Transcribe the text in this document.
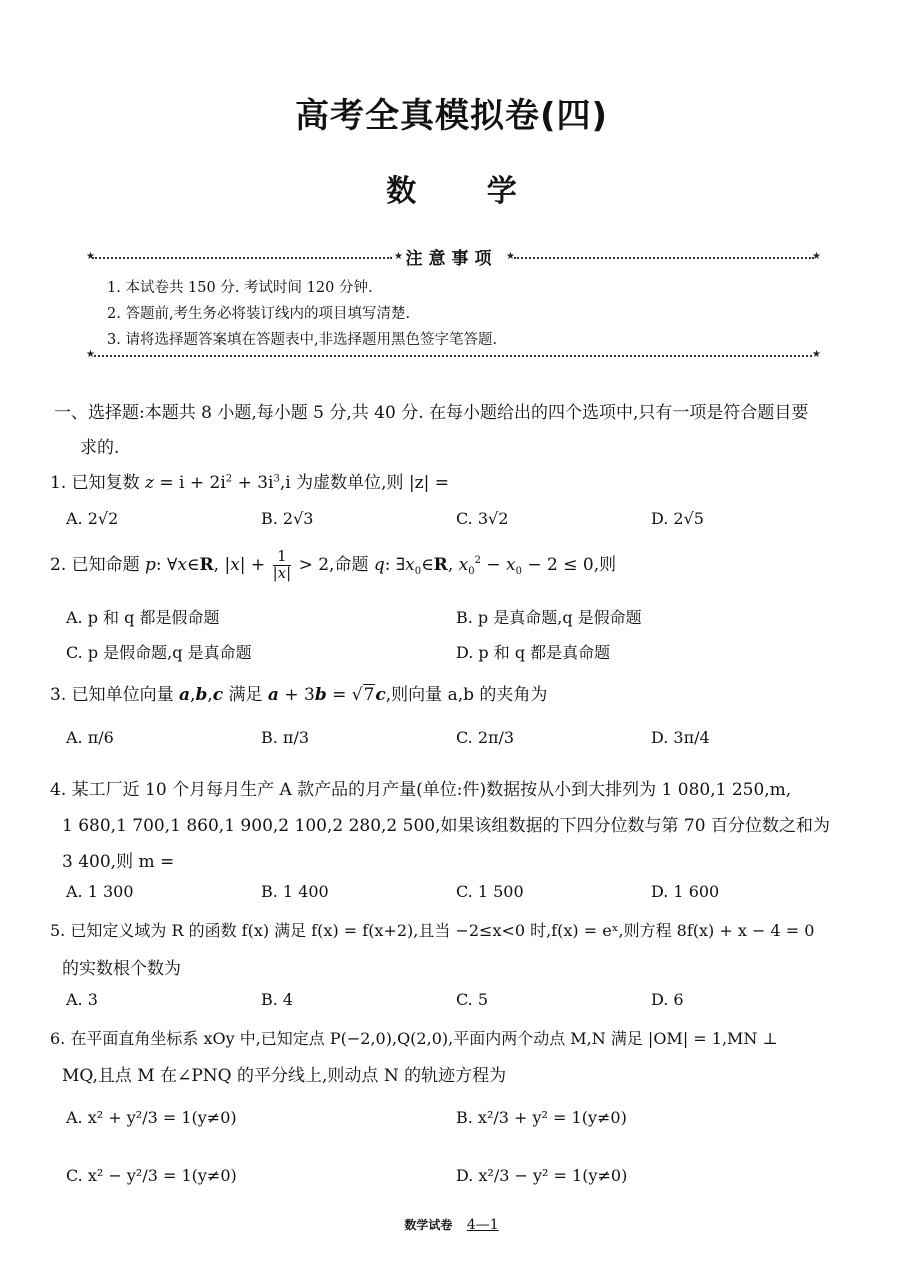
高考全真模拟卷(四)
数 学
★	★ 注意事项 ★	★
1. 本试卷共 150 分. 考试时间 120 分钟.
2. 答题前,考生务必将装订线内的项目填写清楚.
3. 请将选择题答案填在答题表中,非选择题用黑色签字笔答题.
★	★
一、选择题:本题共 8 小题,每小题 5 分,共 40 分. 在每小题给出的四个选项中,只有一项是符合题目要
求的.
1. 已知复数 $z = i + 2i^2 + 3i^3,i$ 为虚数单位,则 |z| =
A. 2√2	B. 2√3	C. 3√2	D. 2√5
2. 已知命题 p: ∀x∈R, $|x| + \frac{1}{|x|} > 2$,命题 q: $\exists x_0\in R$, $x_0^2 - x_0 - 2 \le 0$,则
A. p 和 q 都是假命题	B. p 是真命题,q 是假命题
C. p 是假命题,q 是真命题	D. p 和 q 都是真命题
3. 已知单位向量 a,b,c 满足 a + 3b = √7c,则向量 a,b 的夹角为
A. π/6	B. π/3	C. 2π/3	D. 3π/4
4. 某工厂近 10 个月每月生产 A 款产品的月产量(单位:件)数据按从小到大排列为 1 080,1 250,m,
1 680,1 700,1 860,1 900,2 100,2 280,2 500,如果该组数据的下四分位数与第 70 百分位数之和为
3 400,则 m =
A. 1 300	B. 1 400	C. 1 500	D. 1 600
5. 已知定义域为 R 的函数 f(x) 满足 f(x) = f(x+2),且当 −2≤x<0 时,f(x) = eˣ,则方程 8f(x) + x − 4 = 0
的实数根个数为
A. 3	B. 4	C. 5	D. 6
6. 在平面直角坐标系 xOy 中,已知定点 P(−2,0),Q(2,0),平面内两个动点 M,N 满足 |OM| = 1,MN ⊥
MQ,且点 M 在∠PNQ 的平分线上,则动点 N 的轨迹方程为
A. x² + y²/3 = 1(y≠0)	B. x²/3 + y² = 1(y≠0)
C. x² − y²/3 = 1(y≠0)	D. x²/3 − y² = 1(y≠0)
数学试卷 4—1
